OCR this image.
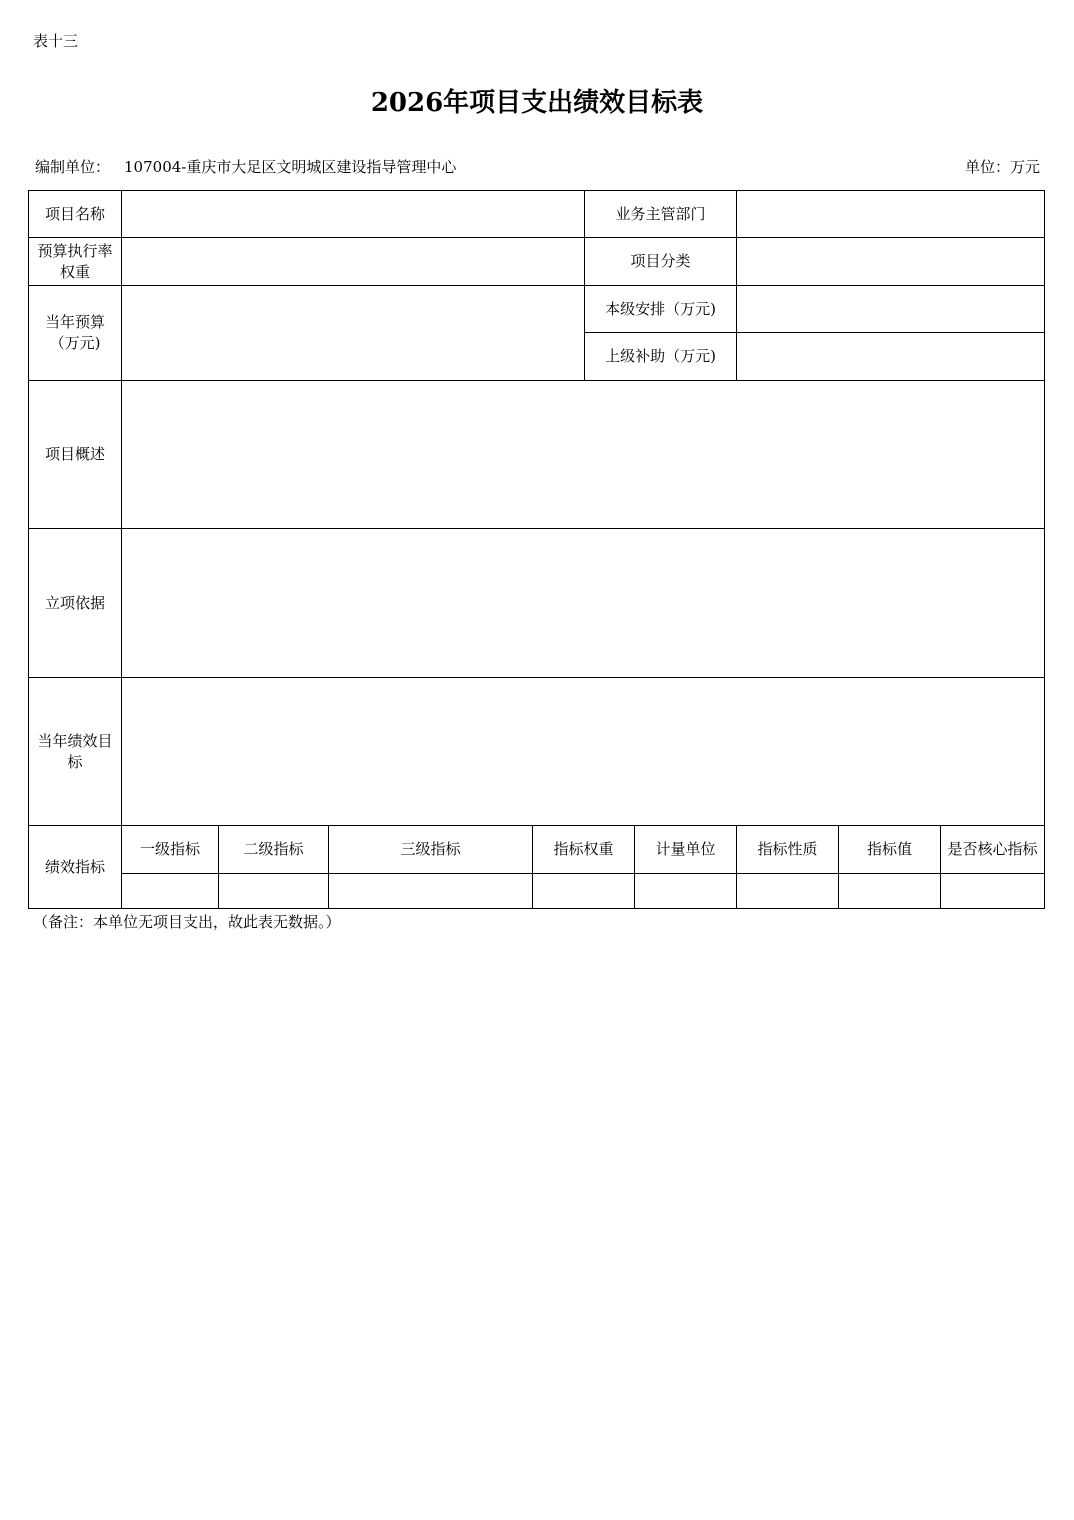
表十三
2026年项目支出绩效目标表
编制单位： 107004-重庆市大足区文明城区建设指导管理中心	单位：万元
项目名称					业务主管部门				
预算执行率权重					项目分类				
当年预算（万元)					本级安排（万元)				
					上级补助（万元)				
项目概述									
立项依据									
当年绩效目标									
绩效指标	一级指标	二级指标	三级指标	指标权重		计量单位	指标性质	指标值	是否核心指标

（备注：本单位无项目支出，故此表无数据。）
